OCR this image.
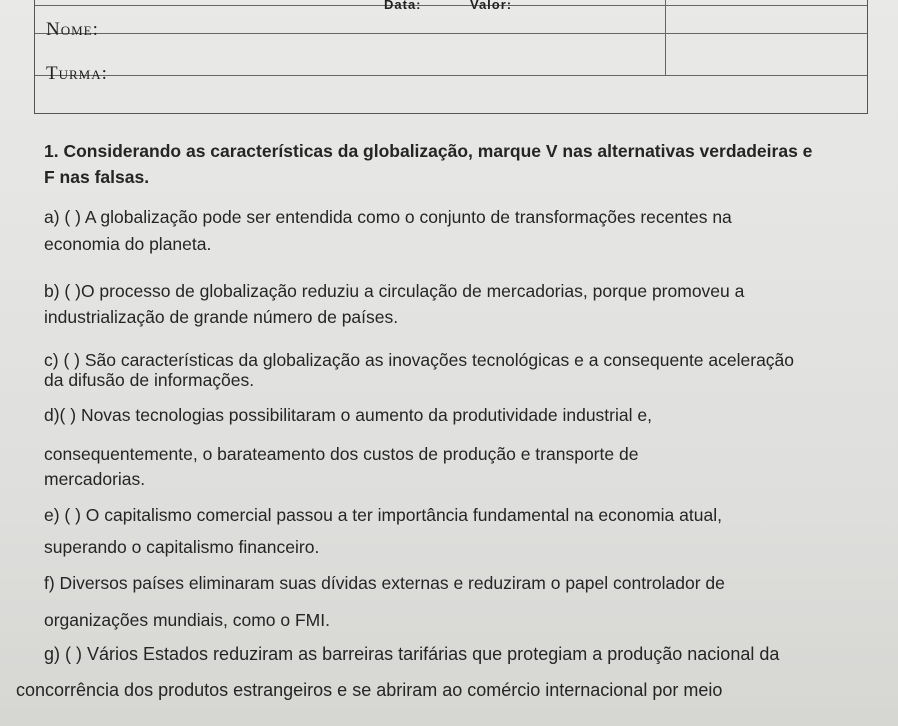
Data:	Valor:
Nome:
Turma:
1. Considerando as características da globalização, marque V nas alternativas verdadeiras e
F nas falsas.
a) ( ) A globalização pode ser entendida como o conjunto de transformações recentes na
economia do planeta.
b) ( )O processo de globalização reduziu a circulação de mercadorias, porque promoveu a
industrialização de grande número de países.
c) ( ) São características da globalização as inovações tecnológicas e a consequente aceleração
da difusão de informações.
d)( ) Novas tecnologias possibilitaram o aumento da produtividade industrial e,
consequentemente, o barateamento dos custos de produção e transporte de
mercadorias.
e) ( ) O capitalismo comercial passou a ter importância fundamental na economia atual,
superando o capitalismo financeiro.
f) Diversos países eliminaram suas dívidas externas e reduziram o papel controlador de
organizações mundiais, como o FMI.
g) ( ) Vários Estados reduziram as barreiras tarifárias que protegiam a produção nacional da
concorrência dos produtos estrangeiros e se abriram ao comércio internacional por meio
